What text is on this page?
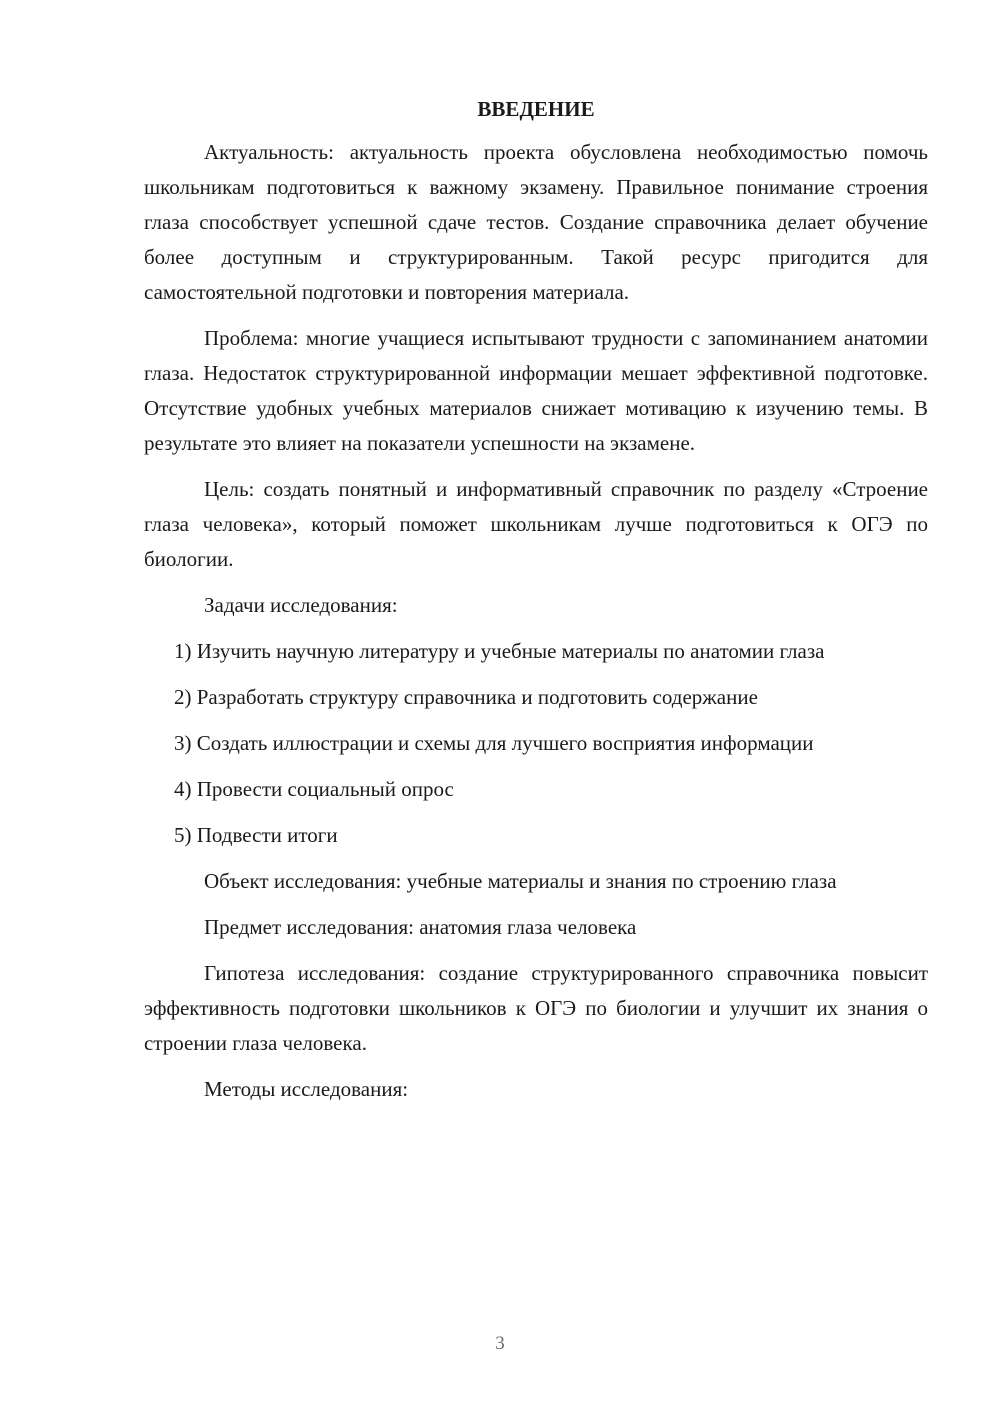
ВВЕДЕНИЕ

Актуальность: актуальность проекта обусловлена необходимостью помочь школьникам подготовиться к важному экзамену. Правильное понимание строения глаза способствует успешной сдаче тестов. Создание справочника делает обучение более доступным и структурированным. Такой ресурс пригодится для самостоятельной подготовки и повторения материала.

Проблема: многие учащиеся испытывают трудности с запоминанием анатомии глаза. Недостаток структурированной информации мешает эффективной подготовке. Отсутствие удобных учебных материалов снижает мотивацию к изучению темы. В результате это влияет на показатели успешности на экзамене.

Цель: создать понятный и информативный справочник по разделу «Строение глаза человека», который поможет школьникам лучше подготовиться к ОГЭ по биологии.

Задачи исследования:

1) Изучить научную литературу и учебные материалы по анатомии глаза

2) Разработать структуру справочника и подготовить содержание

3) Создать иллюстрации и схемы для лучшего восприятия информации

4) Провести социальный опрос

5) Подвести итоги

Объект исследования: учебные материалы и знания по строению глаза

Предмет исследования: анатомия глаза человека

Гипотеза исследования: создание структурированного справочника повысит эффективность подготовки школьников к ОГЭ по биологии и улучшит их знания о строении глаза человека.

Методы исследования:

3
